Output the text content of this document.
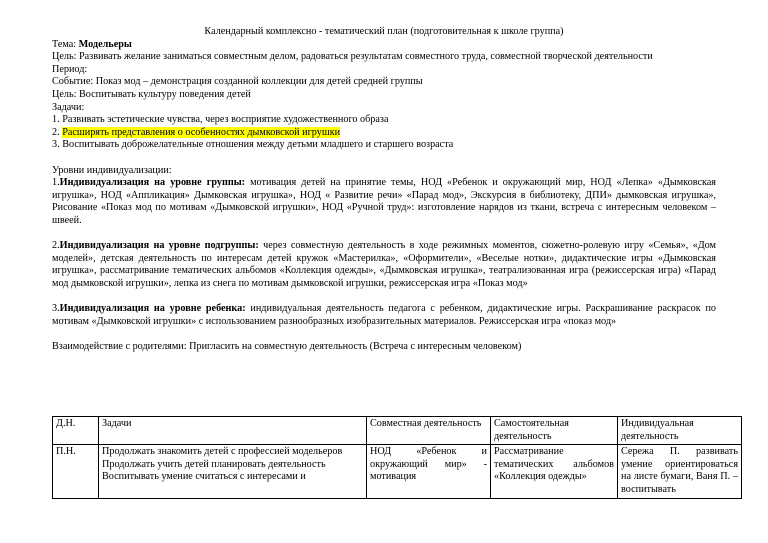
Календарный комплексно - тематический план (подготовительная к школе группа)
Тема: Модельеры
Цель: Развивать желание заниматься совместным делом, радоваться результатам совместного труда, совместной творческой деятельности
Период:
Событие: Показ мод – демонстрация созданной коллекции для детей средней группы
Цель: Воспитывать культуру поведения детей
Задачи:
1. Развивать эстетические чувства, через восприятие художественного образа
2. Расширять представления о особенностях дымковской игрушки
3. Воспитывать доброжелательные отношения между детьми младшего и старшего возраста
Уровни индивидуализации:
1.Индивидуализация на уровне группы: мотивация детей на принятие темы, НОД «Ребенок и окружающий мир, НОД «Лепка» «Дымковская игрушка», НОД «Аппликация» Дымковская игрушка», НОД « Развитие речи» «Парад мод», Экскурсия в библиотеку, ДПИ» дымковская игрушка», Рисование «Показ мод по мотивам «Дымковской игрушки», НОД «Ручной труд»: изготовление нарядов из ткани, встреча с интересным человеком – швеей.
2.Индивидуализация на уровне подгруппы: через совместную деятельность в ходе режимных моментов, сюжетно-ролевую игру «Семья», «Дом моделей», детская деятельность по интересам детей кружок «Мастерилка», «Оформители», «Веселые нотки», дидактические игры «Дымковская игрушка», рассматривание тематических альбомов «Коллекция одежды», «Дымковская игрушка», театрализованная игра (режиссерская игра) «Парад мод дымковской игрушки», лепка из снега по мотивам дымковской игрушки, режиссерская игра «Показ мод»
3.Индивидуализация на уровне ребенка: индивидуальная деятельность педагога с ребенком, дидактические игры. Раскрашивание раскрасок по мотивам «Дымковской игрушки» с использованием разнообразных изобразительных материалов. Режиссерская игра «показ мод»
Взаимодействие с родителями: Пригласить на совместную деятельность (Встреча с интересным человеком)
Д.Н.	Задачи	Совместная деятельность	Самостоятельная деятельность	Индивидуальная деятельность
П.Н.	Продолжать знакомить детей с профессией модельеров
Продолжать учить детей планировать деятельность
Воспитывать умение считаться с интересами и	НОД «Ребенок и окружающий мир» - мотивация	Рассматривание тематических альбомов «Коллекция одежды»	Сережа П. развивать умение ориентироваться на листе бумаги, Ваня П. – воспитывать
